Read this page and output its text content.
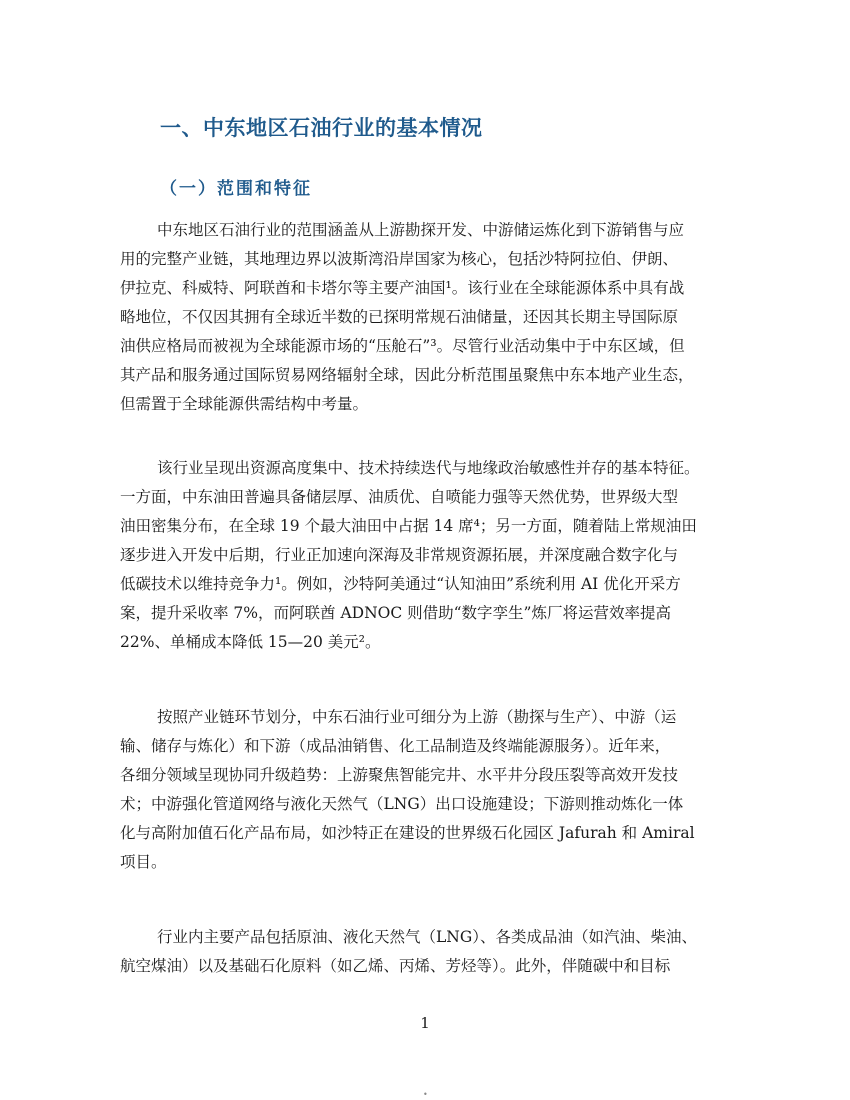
一、中东地区石油行业的基本情况
（一）范围和特征
中东地区石油行业的范围涵盖从上游勘探开发、中游储运炼化到下游销售与应
用的完整产业链，其地理边界以波斯湾沿岸国家为核心，包括沙特阿拉伯、伊朗、
伊拉克、科威特、阿联酋和卡塔尔等主要产油国¹。该行业在全球能源体系中具有战
略地位，不仅因其拥有全球近半数的已探明常规石油储量，还因其长期主导国际原
油供应格局而被视为全球能源市场的“压舱石”³。尽管行业活动集中于中东区域，但
其产品和服务通过国际贸易网络辐射全球，因此分析范围虽聚焦中东本地产业生态，
但需置于全球能源供需结构中考量。
该行业呈现出资源高度集中、技术持续迭代与地缘政治敏感性并存的基本特征。
一方面，中东油田普遍具备储层厚、油质优、自喷能力强等天然优势，世界级大型
油田密集分布，在全球 19 个最大油田中占据 14 席⁴；另一方面，随着陆上常规油田
逐步进入开发中后期，行业正加速向深海及非常规资源拓展，并深度融合数字化与
低碳技术以维持竞争力¹。例如，沙特阿美通过“认知油田”系统利用 AI 优化开采方
案，提升采收率 7%，而阿联酋 ADNOC 则借助“数字孪生”炼厂将运营效率提高
22%、单桶成本降低 15—20 美元²。
按照产业链环节划分，中东石油行业可细分为上游（勘探与生产）、中游（运
输、储存与炼化）和下游（成品油销售、化工品制造及终端能源服务）。近年来，
各细分领域呈现协同升级趋势：上游聚焦智能完井、水平井分段压裂等高效开发技
术；中游强化管道网络与液化天然气（LNG）出口设施建设；下游则推动炼化一体
化与高附加值石化产品布局，如沙特正在建设的世界级石化园区 Jafurah 和 Amiral
项目。
行业内主要产品包括原油、液化天然气（LNG）、各类成品油（如汽油、柴油、
航空煤油）以及基础石化原料（如乙烯、丙烯、芳烃等）。此外，伴随碳中和目标
1
•
